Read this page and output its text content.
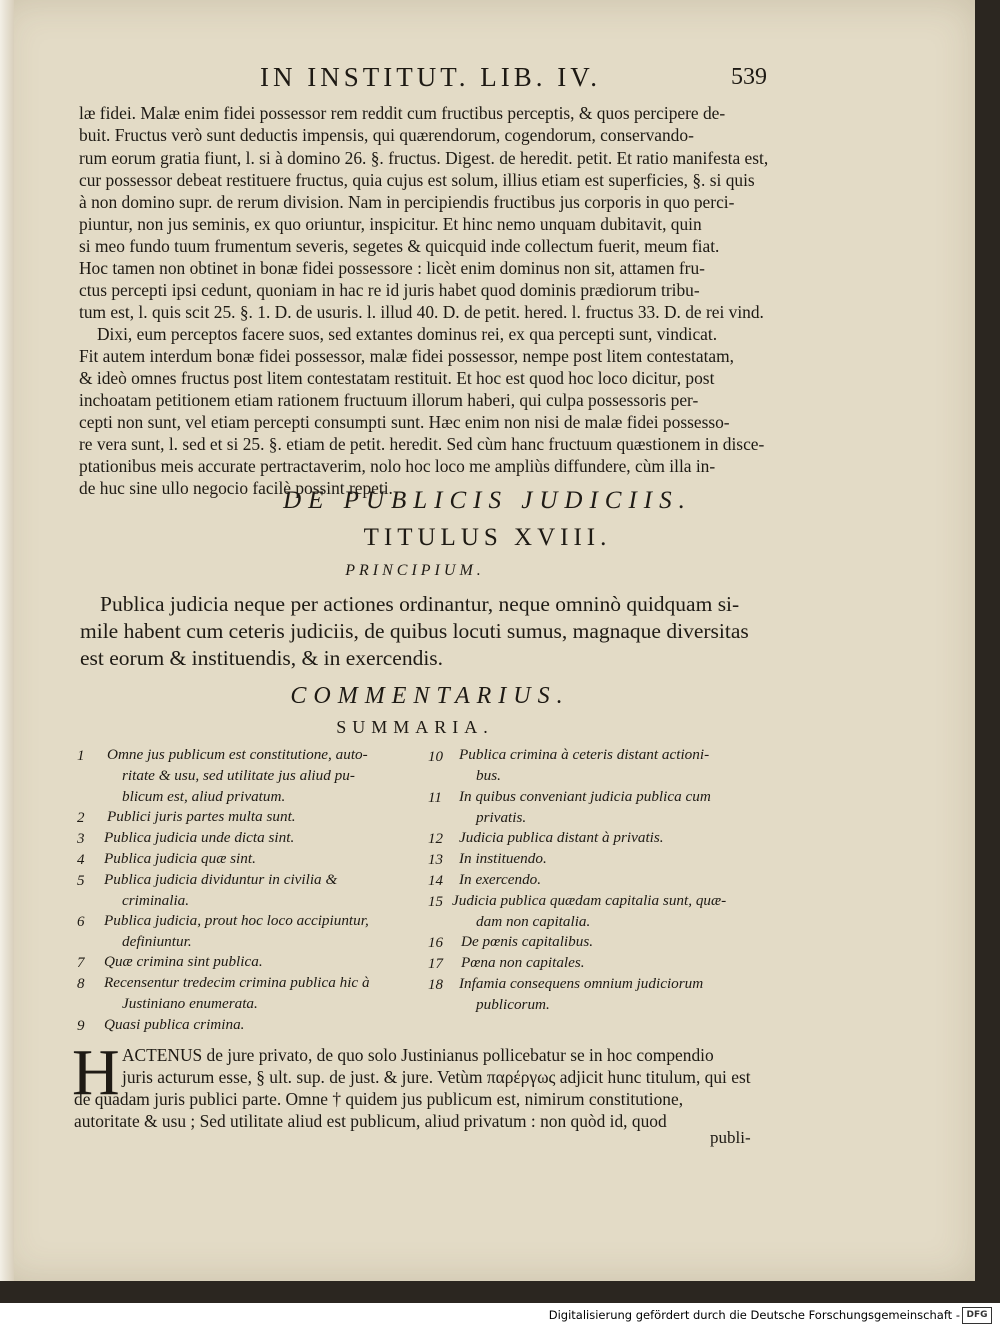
IN INSTITUT. LIB. IV.	539
læ fidei. Malæ enim fidei possessor rem reddit cum fructibus perceptis, & quos percipere de-
buit. Fructus verò sunt deductis impensis, qui quærendorum, cogendorum, conservando-
rum eorum gratia fiunt, l. si à domino 26. §. fructus. Digest. de heredit. petit. Et ratio manifesta est,
cur possessor debeat restituere fructus, quia cujus est solum, illius etiam est superficies, §. si quis
à non domino supr. de rerum division. Nam in percipiendis fructibus jus corporis in quo perci-
piuntur, non jus seminis, ex quo oriuntur, inspicitur. Et hinc nemo unquam dubitavit, quin
si meo fundo tuum frumentum severis, segetes & quicquid inde collectum fuerit, meum fiat.
Hoc tamen non obtinet in bonæ fidei possessore : licèt enim dominus non sit, attamen fru-
ctus percepti ipsi cedunt, quoniam in hac re id juris habet quod dominis prædiorum tribu-
tum est, l. quis scit 25. §. 1. D. de usuris. l. illud 40. D. de petit. hered. l. fructus 33. D. de rei vind.
Dixi, eum perceptos facere suos, sed extantes dominus rei, ex qua percepti sunt, vindicat.
Fit autem interdum bonæ fidei possessor, malæ fidei possessor, nempe post litem contestatam,
& ideò omnes fructus post litem contestatam restituit. Et hoc est quod hoc loco dicitur, post
inchoatam petitionem etiam rationem fructuum illorum haberi, qui culpa possessoris per-
cepti non sunt, vel etiam percepti consumpti sunt. Hæc enim non nisi de malæ fidei possesso-
re vera sunt, l. sed et si 25. §. etiam de petit. heredit. Sed cùm hanc fructuum quæstionem in disce-
ptationibus meis accurate pertractaverim, nolo hoc loco me ampliùs diffundere, cùm illa in-
de huc sine ullo negocio facilè possint repeti.
DE PUBLICIS JUDICIIS.
TITULUS XVIII.
PRINCIPIUM.
Publica judicia neque per actiones ordinantur, neque omninò quidquam si-
mile habent cum ceteris judiciis, de quibus locuti sumus, magnaque diversitas
est eorum & instituendis, & in exercendis.
COMMENTARIUS.
SUMMARIA.
1 Omne jus publicum est constitutione, auto-
ritate & usu, sed utilitate jus aliud pu-
blicum est, aliud privatum.
2 Publici juris partes multa sunt.
3 Publica judicia unde dicta sint.
4 Publica judicia quæ sint.
5 Publica judicia dividuntur in civilia &
criminalia.
6 Publica judicia, prout hoc loco accipiuntur,
definiuntur.
7 Quæ crimina sint publica.
8 Recensentur tredecim crimina publica hic à
Justiniano enumerata.
9 Quasi publica crimina.
10 Publica crimina à ceteris distant actioni-
bus.
11 In quibus conveniant judicia publica cum
privatis.
12 Judicia publica distant à privatis.
13 In instituendo.
14 In exercendo.
15 Judicia publica quædam capitalia sunt, quæ-
dam non capitalia.
16 De pœnis capitalibus.
17 Pœna non capitales.
18 Infamia consequens omnium judiciorum
publicorum.
H ACTENUS de jure privato, de quo solo Justinianus pollicebatur se in hoc compendio
juris acturum esse, § ult. sup. de just. & jure. Vetùm παρέργως adjicit hunc titulum, qui est
de quadam juris publici parte. Omne † quidem jus publicum est, nimirum constitutione,
autoritate & usu ; Sed utilitate aliud est publicum, aliud privatum : non quòd id, quod
publi-
Digitalisierung gefördert durch die Deutsche Forschungsgemeinschaft - DFG
